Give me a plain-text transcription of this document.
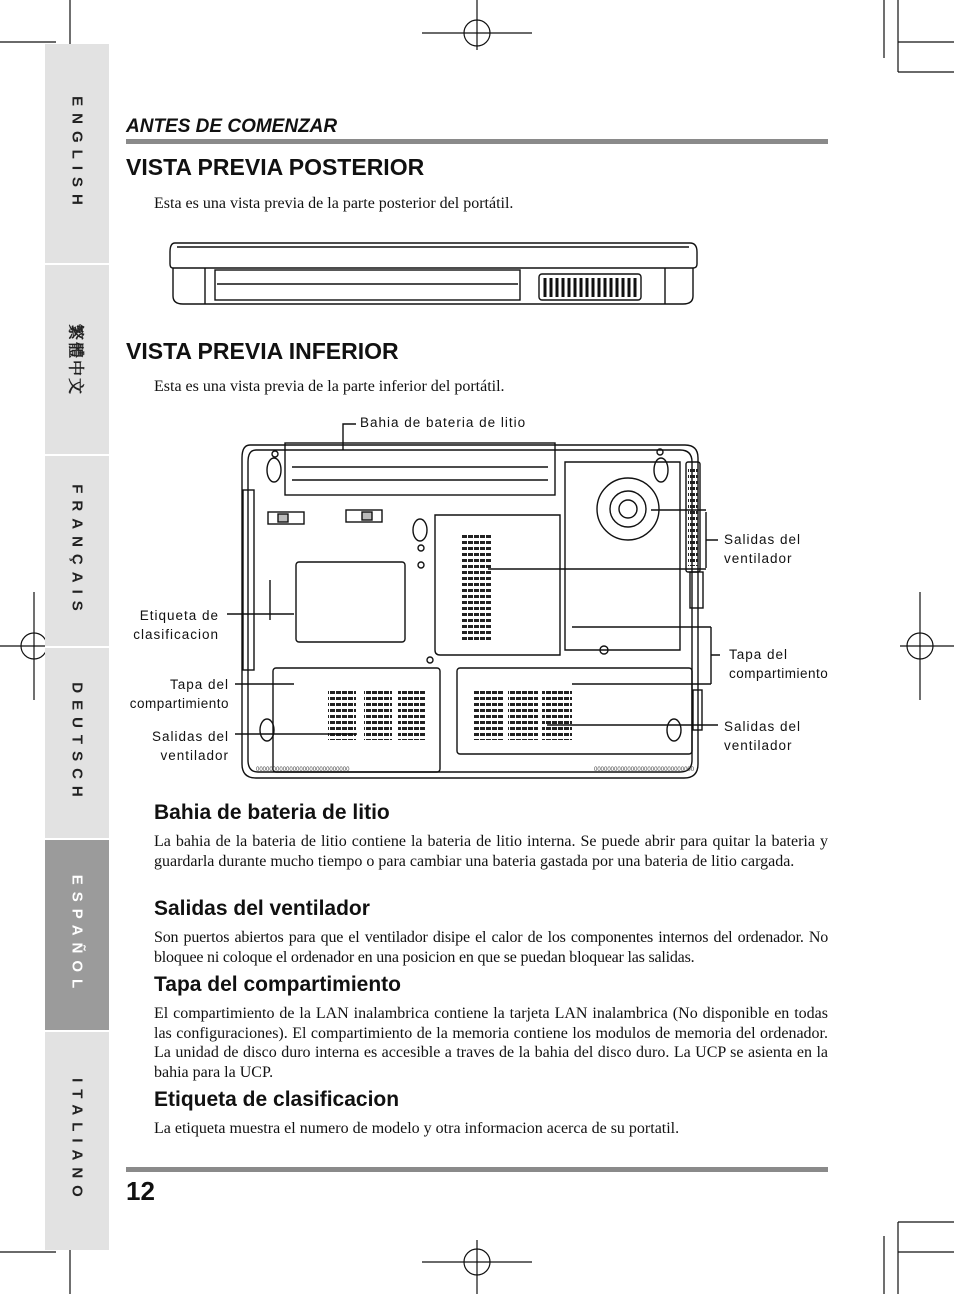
ENGLISH
繁體中文
FRANÇAIS
DEUTSCH
ESPAÑOL
ITALIANO
ANTES DE COMENZAR
VISTA PREVIA POSTERIOR
Esta es una vista previa de la parte posterior del portátil.
VISTA PREVIA INFERIOR
Esta es una vista previa de la parte inferior del portátil.
0000000000000000000000000000	000000000000000000000000000000
Bahia de bateria de litio
Salidas del
ventilador
Etiqueta de
clasificacion
Tapa del
compartimiento
Tapa del
compartimiento
Salidas del
ventilador
Salidas del
ventilador
Bahia de bateria de litio
La bahia de la bateria de litio contiene la bateria de litio interna. Se puede abrir para quitar la bateria y guardarla durante mucho tiempo o para cambiar una bateria gastada por una bateria de litio cargada.
Salidas del ventilador
Son puertos abiertos para que el ventilador disipe el calor de los componentes internos del ordenador. No bloquee ni coloque el ordenador en una posicion en que se puedan bloquear las salidas.
Tapa del compartimiento
El compartimiento de la LAN inalambrica contiene la tarjeta LAN inalambrica (No disponible en todas las configuraciones). El compartimiento de la memoria contiene los modulos de memoria del ordenador. La unidad de disco duro interna es accesible a traves de la bahia del disco duro. La UCP se asienta en la bahia para la UCP.
Etiqueta de clasificacion
La etiqueta muestra el numero de modelo y otra informacion acerca de su portatil.
12
